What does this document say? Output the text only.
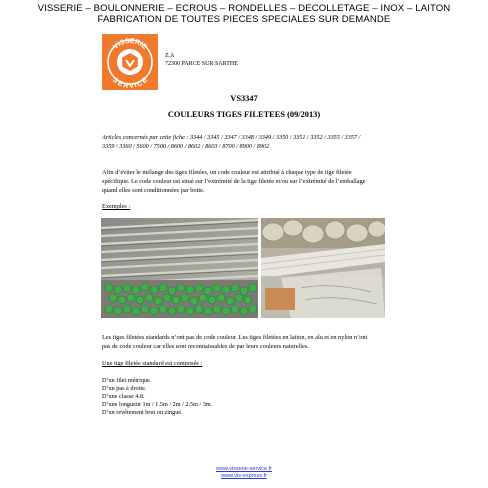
VISSERIE – BOULONNERIE – ECROUS – RONDELLES – DECOLLETAGE – INOX – LAITON
FABRICATION DE TOUTES PIECES SPECIALES SUR DEMANDE
VISSERIE
SERVICE
Z.A
72300 PARCE SUR SARTHE
VS3347
COULEURS TIGES FILETEES (09/2013)
Articles concernés par cette fiche : 3344 / 3345 / 3347 / 3348 / 3349 / 3350 / 3351 / 3352 / 3355 / 3357 /
3359 / 3360 / 5600 / 7500 / 8600 / 8602 / 8603 / 8700 / 8900 / 8902
Afin d’éviter le mélange des tiges filetées, un code couleur est attribué à chaque type de tige filetée
spécifique. Le code couleur est situé sur l’extrémité de la tige filetée et/ou sur l’extrémité de l’emballage
quand elles sont conditionnées par botte.
Exemples :
Les tiges filetées standards n’ont pas de code couleur. Les tiges filetées en laiton, en alu et en nylon n’ont
pas de code couleur car elles sont reconnaissables de par leurs couleurs naturelles.
Une tige filetée standard est composée :
D’un filet métrique.
D’un pas à droite.
D’une classe 4.8.
D’une longueur 1m / 1.5m / 2m / 2.5m / 3m.
D’un revêtement brut ou zingué.
www.visserie-service.fr
www.vis-express.fr
